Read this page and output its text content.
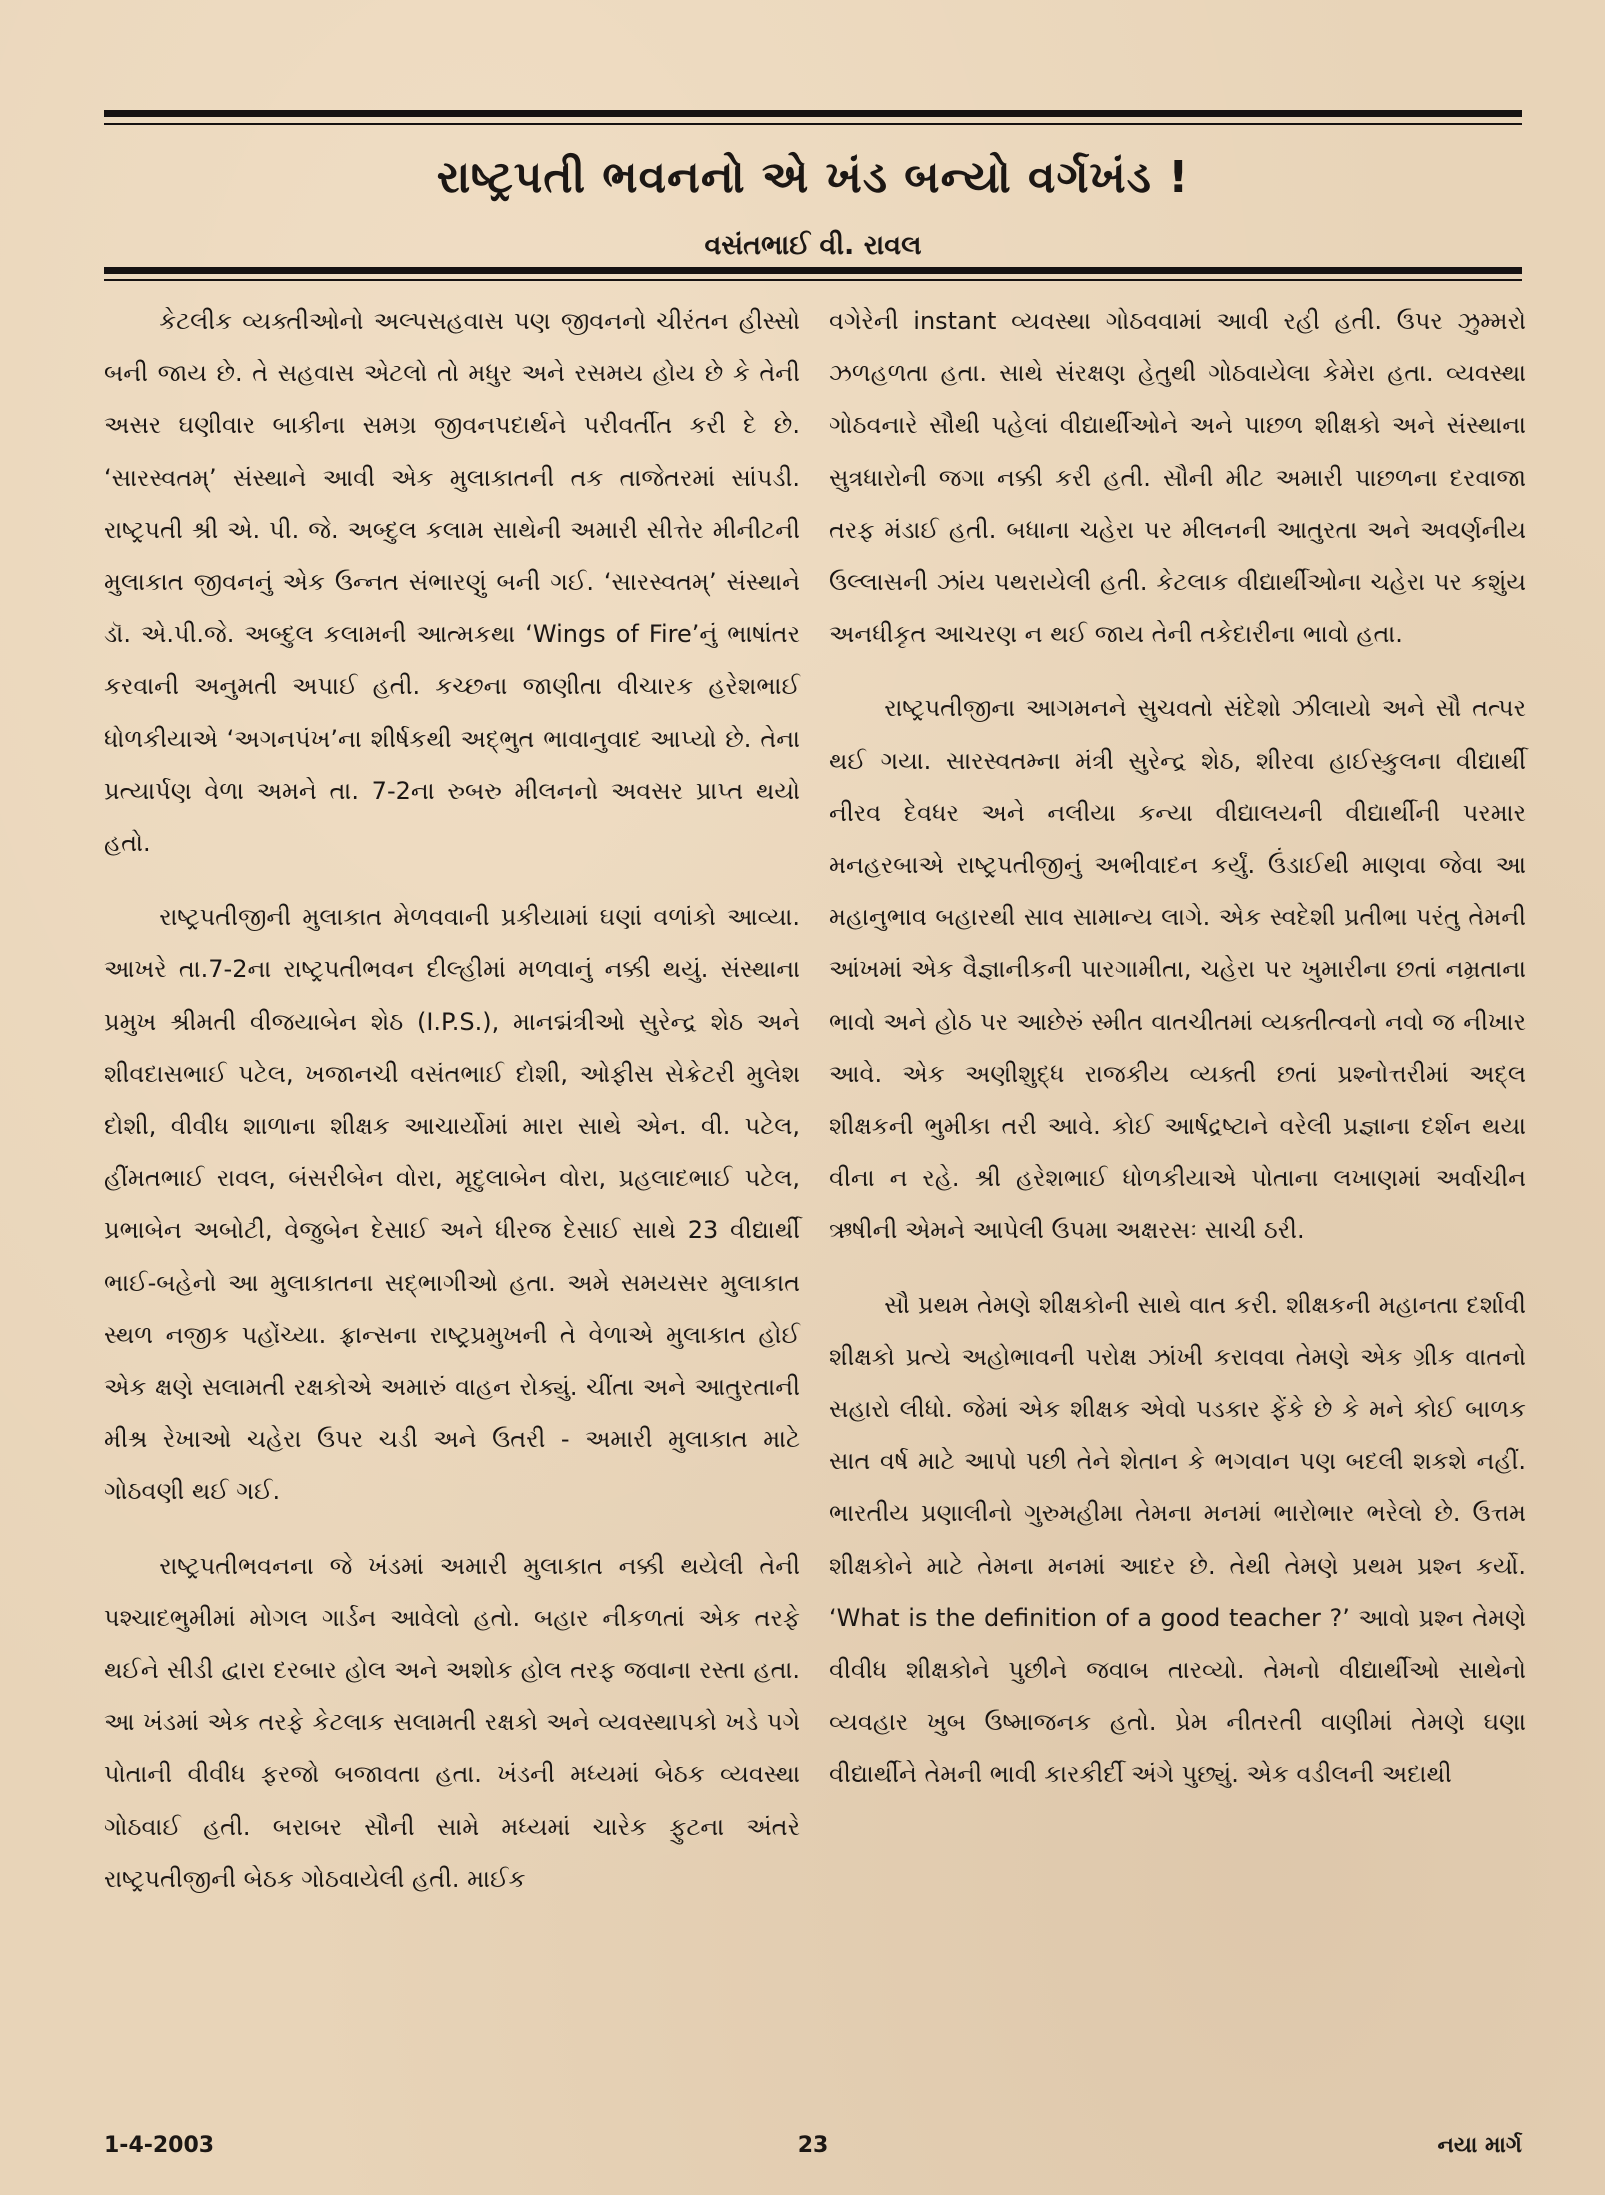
રાષ્ટ્રપતી ભવનનો એ ખંડ બન્યો વર્ગખંડ !
વસંતભાઈ વી. રાવલ

કેટલીક વ્યક્તીઓનો અલ્પસહવાસ પણ જીવનનો ચીરંતન હીસ્સો બની જાય છે. તે સહવાસ એટલો તો મધુર અને રસમય હોય છે કે તેની અસર ઘણીવાર બાકીના સમગ્ર જીવનપદાર્થને પરીવર્તીત કરી દે છે. ‘સારસ્વતમ્’ સંસ્થાને આવી એક મુલાકાતની તક તાજેતરમાં સાંપડી. રાષ્ટ્રપતી શ્રી એ. પી. જે. અબ્દુલ કલામ સાથેની અમારી સીત્તેર મીનીટની મુલાકાત જીવનનું એક ઉન્નત સંભારણું બની ગઈ. ‘સારસ્વતમ્’ સંસ્થાને ડૉ. એ.પી.જે. અબ્દુલ કલામની આત્મકથા ‘Wings of Fire’નું ભાષાંતર કરવાની અનુમતી અપાઈ હતી. કચ્છના જાણીતા વીચારક હરેશભાઈ ધોળકીયાએ ‘અગનપંખ’ના શીર્ષકથી અદ્ભુત ભાવાનુવાદ આપ્યો છે. તેના પ્રત્યાર્પણ વેળા અમને તા. 7-2ના રુબરુ મીલનનો અવસર પ્રાપ્ત થયો હતો.

રાષ્ટ્રપતીજીની મુલાકાત મેળવવાની પ્રકીયામાં ઘણાં વળાંકો આવ્યા. આખરે તા.7-2ના રાષ્ટ્રપતીભવન દીલ્હીમાં મળવાનું નક્કી થયું. સંસ્થાના પ્રમુખ શ્રીમતી વીજયાબેન શેઠ (I.P.S.), માનદ્મંત્રીઓ સુરેન્દ્ર શેઠ અને શીવદાસભાઈ પટેલ, ખજાનચી વસંતભાઈ દોશી, ઓફીસ સેક્રેટરી મુલેશ દોશી, વીવીધ શાળાના શીક્ષક આચાર્યોમાં મારા સાથે એન. વી. પટેલ, હીંમતભાઈ રાવલ, બંસરીબેન વોરા, મૃદુલાબેન વોરા, પ્રહલાદભાઈ પટેલ, પ્રભાબેન અબોટી, વેજુબેન દેસાઈ અને ધીરજ દેસાઈ સાથે 23 વીદ્યાર્થી ભાઈ-બહેનો આ મુલાકાતના સદ્ભાગીઓ હતા. અમે સમયસર મુલાકાત સ્થળ નજીક પહોંચ્યા. ફ્રાન્સના રાષ્ટ્રપ્રમુખની તે વેળાએ મુલાકાત હોઈ એક ક્ષણે સલામતી રક્ષકોએ અમારું વાહન રોક્યું. ચીંતા અને આતુરતાની મીશ્ર રેખાઓ ચહેરા ઉપર ચડી અને ઉતરી - અમારી મુલાકાત માટે ગોઠવણી થઈ ગઈ.

રાષ્ટ્રપતીભવનના જે ખંડમાં અમારી મુલાકાત નક્કી થયેલી તેની પશ્ચાદભુમીમાં મોગલ ગાર્ડન આવેલો હતો. બહાર નીકળતાં એક તરફે થઈને સીડી દ્વારા દરબાર હોલ અને અશોક હોલ તરફ જવાના રસ્તા હતા. આ ખંડમાં એક તરફે કેટલાક સલામતી રક્ષકો અને વ્યવસ્થાપકો ખડે પગે પોતાની વીવીધ ફરજો બજાવતા હતા. ખંડની મધ્યમાં બેઠક વ્યવસ્થા ગોઠવાઈ હતી. બરાબર સૌની સામે મધ્યમાં ચારેક ફુટના અંતરે રાષ્ટ્રપતીજીની બેઠક ગોઠવાયેલી હતી. માઈક

વગેરેની instant વ્યવસ્થા ગોઠવવામાં આવી રહી હતી. ઉપર ઝુમ્મરો ઝળહળતા હતા. સાથે સંરક્ષણ હેતુથી ગોઠવાયેલા કેમેરા હતા. વ્યવસ્થા ગોઠવનારે સૌથી પહેલાં વીદ્યાર્થીઓને અને પાછળ શીક્ષકો અને સંસ્થાના સુત્રધારોની જગા નક્કી કરી હતી. સૌની મીટ અમારી પાછળના દરવાજા તરફ મંડાઈ હતી. બધાના ચહેરા પર મીલનની આતુરતા અને અવર્ણનીય ઉલ્લાસની ઝાંય પથરાયેલી હતી. કેટલાક વીદ્યાર્થીઓના ચહેરા પર કશુંય અનધીકૃત આચરણ ન થઈ જાય તેની તકેદારીના ભાવો હતા.

રાષ્ટ્રપતીજીના આગમનને સુચવતો સંદેશો ઝીલાયો અને સૌ તત્પર થઈ ગયા. સારસ્વતમ્ના મંત્રી સુરેન્દ્ર શેઠ, શીરવા હાઈસ્કુલના વીદ્યાર્થી નીરવ દેવધર અને નલીયા કન્યા વીદ્યાલયની વીદ્યાર્થીની પરમાર મનહરબાએ રાષ્ટ્રપતીજીનું અભીવાદન કર્યું. ઉંડાઈથી માણવા જેવા આ મહાનુભાવ બહારથી સાવ સામાન્ય લાગે. એક સ્વદેશી પ્રતીભા પરંતુ તેમની આંખમાં એક વૈજ્ઞાનીકની પારગામીતા, ચહેરા પર ખુમારીના છતાં નમ્રતાના ભાવો અને હોઠ પર આછેરું સ્મીત વાતચીતમાં વ્યક્તીત્વનો નવો જ નીખાર આવે. એક અણીશુદ્ધ રાજકીય વ્યક્તી છતાં પ્રશ્નોત્તરીમાં અદ્લ શીક્ષકની ભુમીકા તરી આવે. કોઈ આર્ષદ્રષ્ટાને વરેલી પ્રજ્ઞાના દર્શન થયા વીના ન રહે. શ્રી હરેશભાઈ ધોળકીયાએ પોતાના લખાણમાં અર્વાચીન ઋષીની એમને આપેલી ઉપમા અક્ષરસઃ સાચી ઠરી.

સૌ પ્રથમ તેમણે શીક્ષકોની સાથે વાત કરી. શીક્ષકની મહાનતા દર્શાવી શીક્ષકો પ્રત્યે અહોભાવની પરોક્ષ ઝાંખી કરાવવા તેમણે એક ગ્રીક વાતનો સહારો લીધો. જેમાં એક શીક્ષક એવો પડકાર ફેંકે છે કે મને કોઈ બાળક સાત વર્ષ માટે આપો પછી તેને શેતાન કે ભગવાન પણ બદલી શકશે નહીં. ભારતીય પ્રણાલીનો ગુરુમહીમા તેમના મનમાં ભારોભાર ભરેલો છે. ઉત્તમ શીક્ષકોને માટે તેમના મનમાં આદર છે. તેથી તેમણે પ્રથમ પ્રશ્ન કર્યો. ‘What is the definition of a good teacher ?’ આવો પ્રશ્ન તેમણે વીવીધ શીક્ષકોને પુછીને જવાબ તારવ્યો. તેમનો વીદ્યાર્થીઓ સાથેનો વ્યવહાર ખુબ ઉષ્માજનક હતો. પ્રેમ નીતરતી વાણીમાં તેમણે ઘણા વીદ્યાર્થીને તેમની ભાવી કારકીર્દી અંગે પુછ્યું. એક વડીલની અદાથી

1-4-2003	23	નયા માર્ગ
